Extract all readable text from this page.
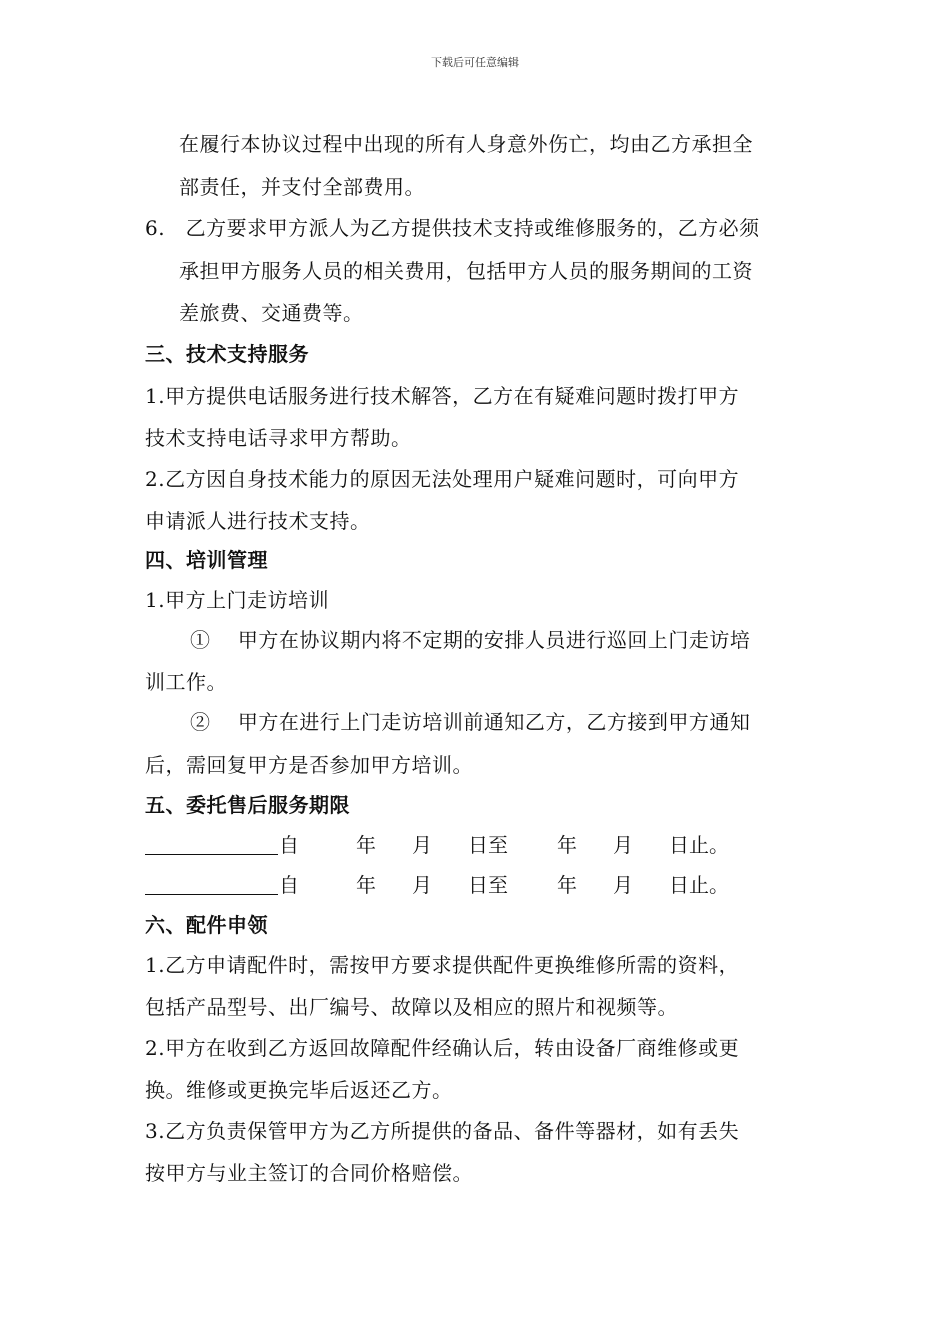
下载后可任意编辑
在履行本协议过程中出现的所有人身意外伤亡，均由乙方承担全
部责任，并支付全部费用。
6.　乙方要求甲方派人为乙方提供技术支持或维修服务的，乙方必须
承担甲方服务人员的相关费用，包括甲方人员的服务期间的工资
差旅费、交通费等。
三、技术支持服务
1.甲方提供电话服务进行技术解答，乙方在有疑难问题时拨打甲方
技术支持电话寻求甲方帮助。
2.乙方因自身技术能力的原因无法处理用户疑难问题时，可向甲方
申请派人进行技术支持。
四、培训管理
1.甲方上门走访培训
①　 甲方在协议期内将不定期的安排人员进行巡回上门走访培
训工作。
②　 甲方在进行上门走访培训前通知乙方，乙方接到甲方通知
后，需回复甲方是否参加甲方培训。
五、委托售后服务期限
自	年 月 日至 年 月 日止。
自	年 月 日至 年 月 日止。
六、配件申领
1.乙方申请配件时，需按甲方要求提供配件更换维修所需的资料，
包括产品型号、出厂编号、故障以及相应的照片和视频等。
2.甲方在收到乙方返回故障配件经确认后，转由设备厂商维修或更
换。维修或更换完毕后返还乙方。
3.乙方负责保管甲方为乙方所提供的备品、备件等器材，如有丢失
按甲方与业主签订的合同价格赔偿。
